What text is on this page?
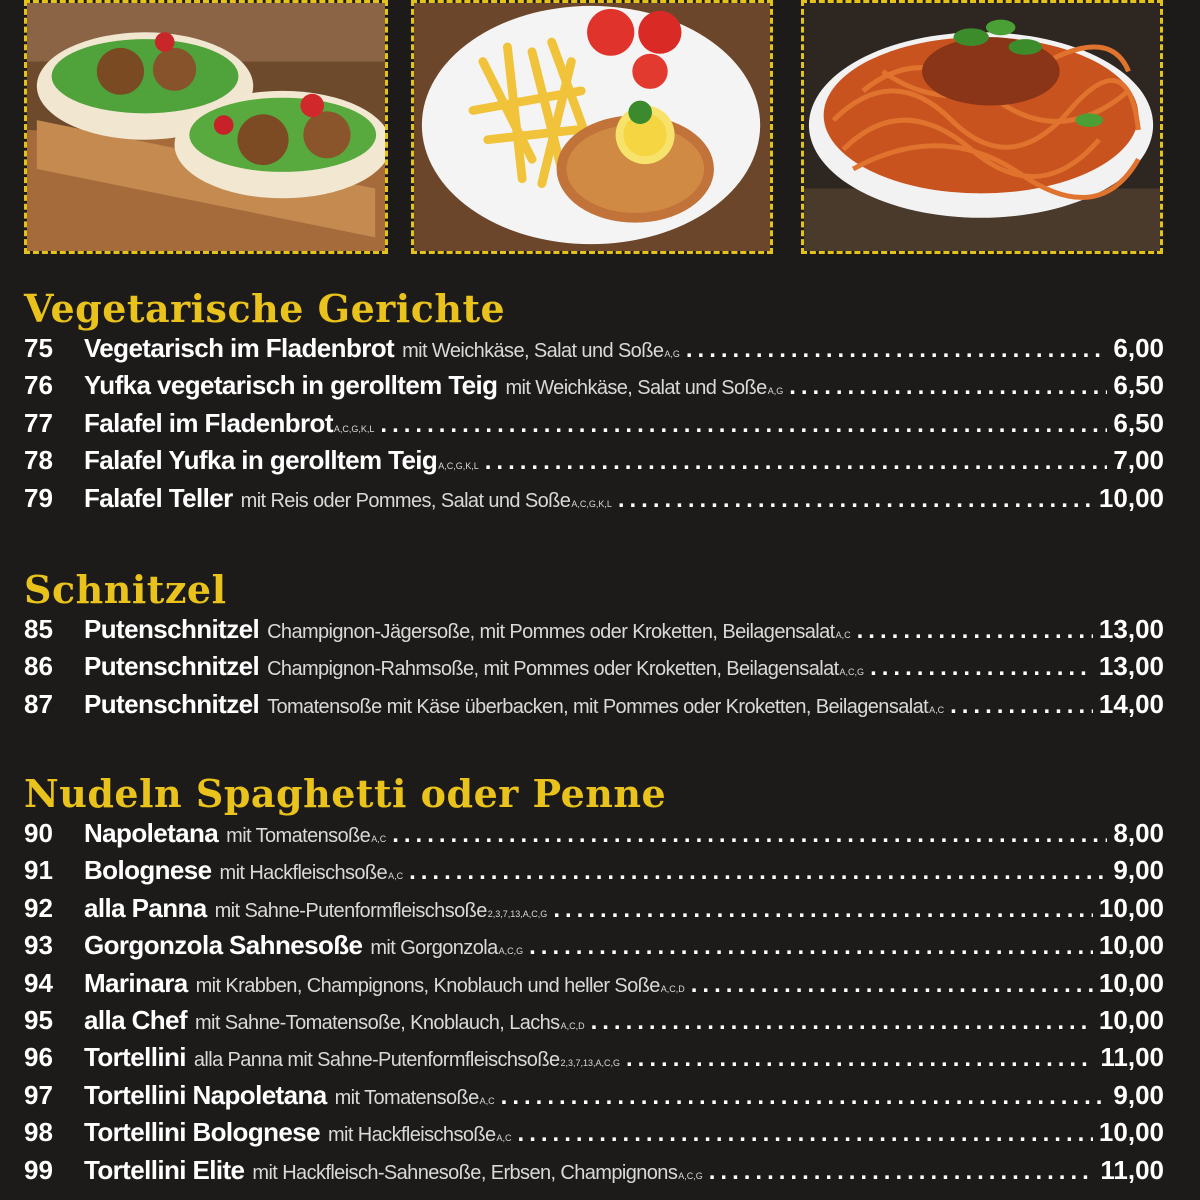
Vegetarische Gerichte
75	Vegetarisch im Fladenbrot mit Weichkäse, Salat und Soße A,G .....	6,00
76	Yufka vegetarisch in gerolltem Teig mit Weichkäse, Salat und Soße A,G .....	6,50
77	Falafel im Fladenbrot A,C,G,K,L .....	6,50
78	Falafel Yufka in gerolltem Teig A,C,G,K,L .....	7,00
79	Falafel Teller mit Reis oder Pommes, Salat und Soße A,C,G,K,L .....	10,00
Schnitzel
85	Putenschnitzel Champignon-Jägersoße, mit Pommes oder Kroketten, Beilagensalat A,C .....	13,00
86	Putenschnitzel Champignon-Rahmsoße, mit Pommes oder Kroketten, Beilagensalat A,C,G .....	13,00
87	Putenschnitzel Tomatensoße mit Käse überbacken, mit Pommes oder Kroketten, Beilagensalat A,C .....	14,00
Nudeln Spaghetti oder Penne
90	Napoletana mit Tomatensoße A,C .....	8,00
91	Bolognese mit Hackfleischsoße A,C .....	9,00
92	alla Panna mit Sahne-Putenformfleischsoße 2,3,7,13,A,C,G .....	10,00
93	Gorgonzola Sahnesoße mit Gorgonzola A,C,G .....	10,00
94	Marinara mit Krabben, Champignons, Knoblauch und heller Soße A,C,D .....	10,00
95	alla Chef mit Sahne-Tomatensoße, Knoblauch, Lachs A,C,D .....	10,00
96	Tortellini alla Panna mit Sahne-Putenformfleischsoße 2,3,7,13,A,C,G .....	11,00
97	Tortellini Napoletana mit Tomatensoße A,C .....	9,00
98	Tortellini Bolognese mit Hackfleischsoße A,C .....	10,00
99	Tortellini Elite mit Hackfleisch-Sahnesoße, Erbsen, Champignons A,C,G .....	11,00
